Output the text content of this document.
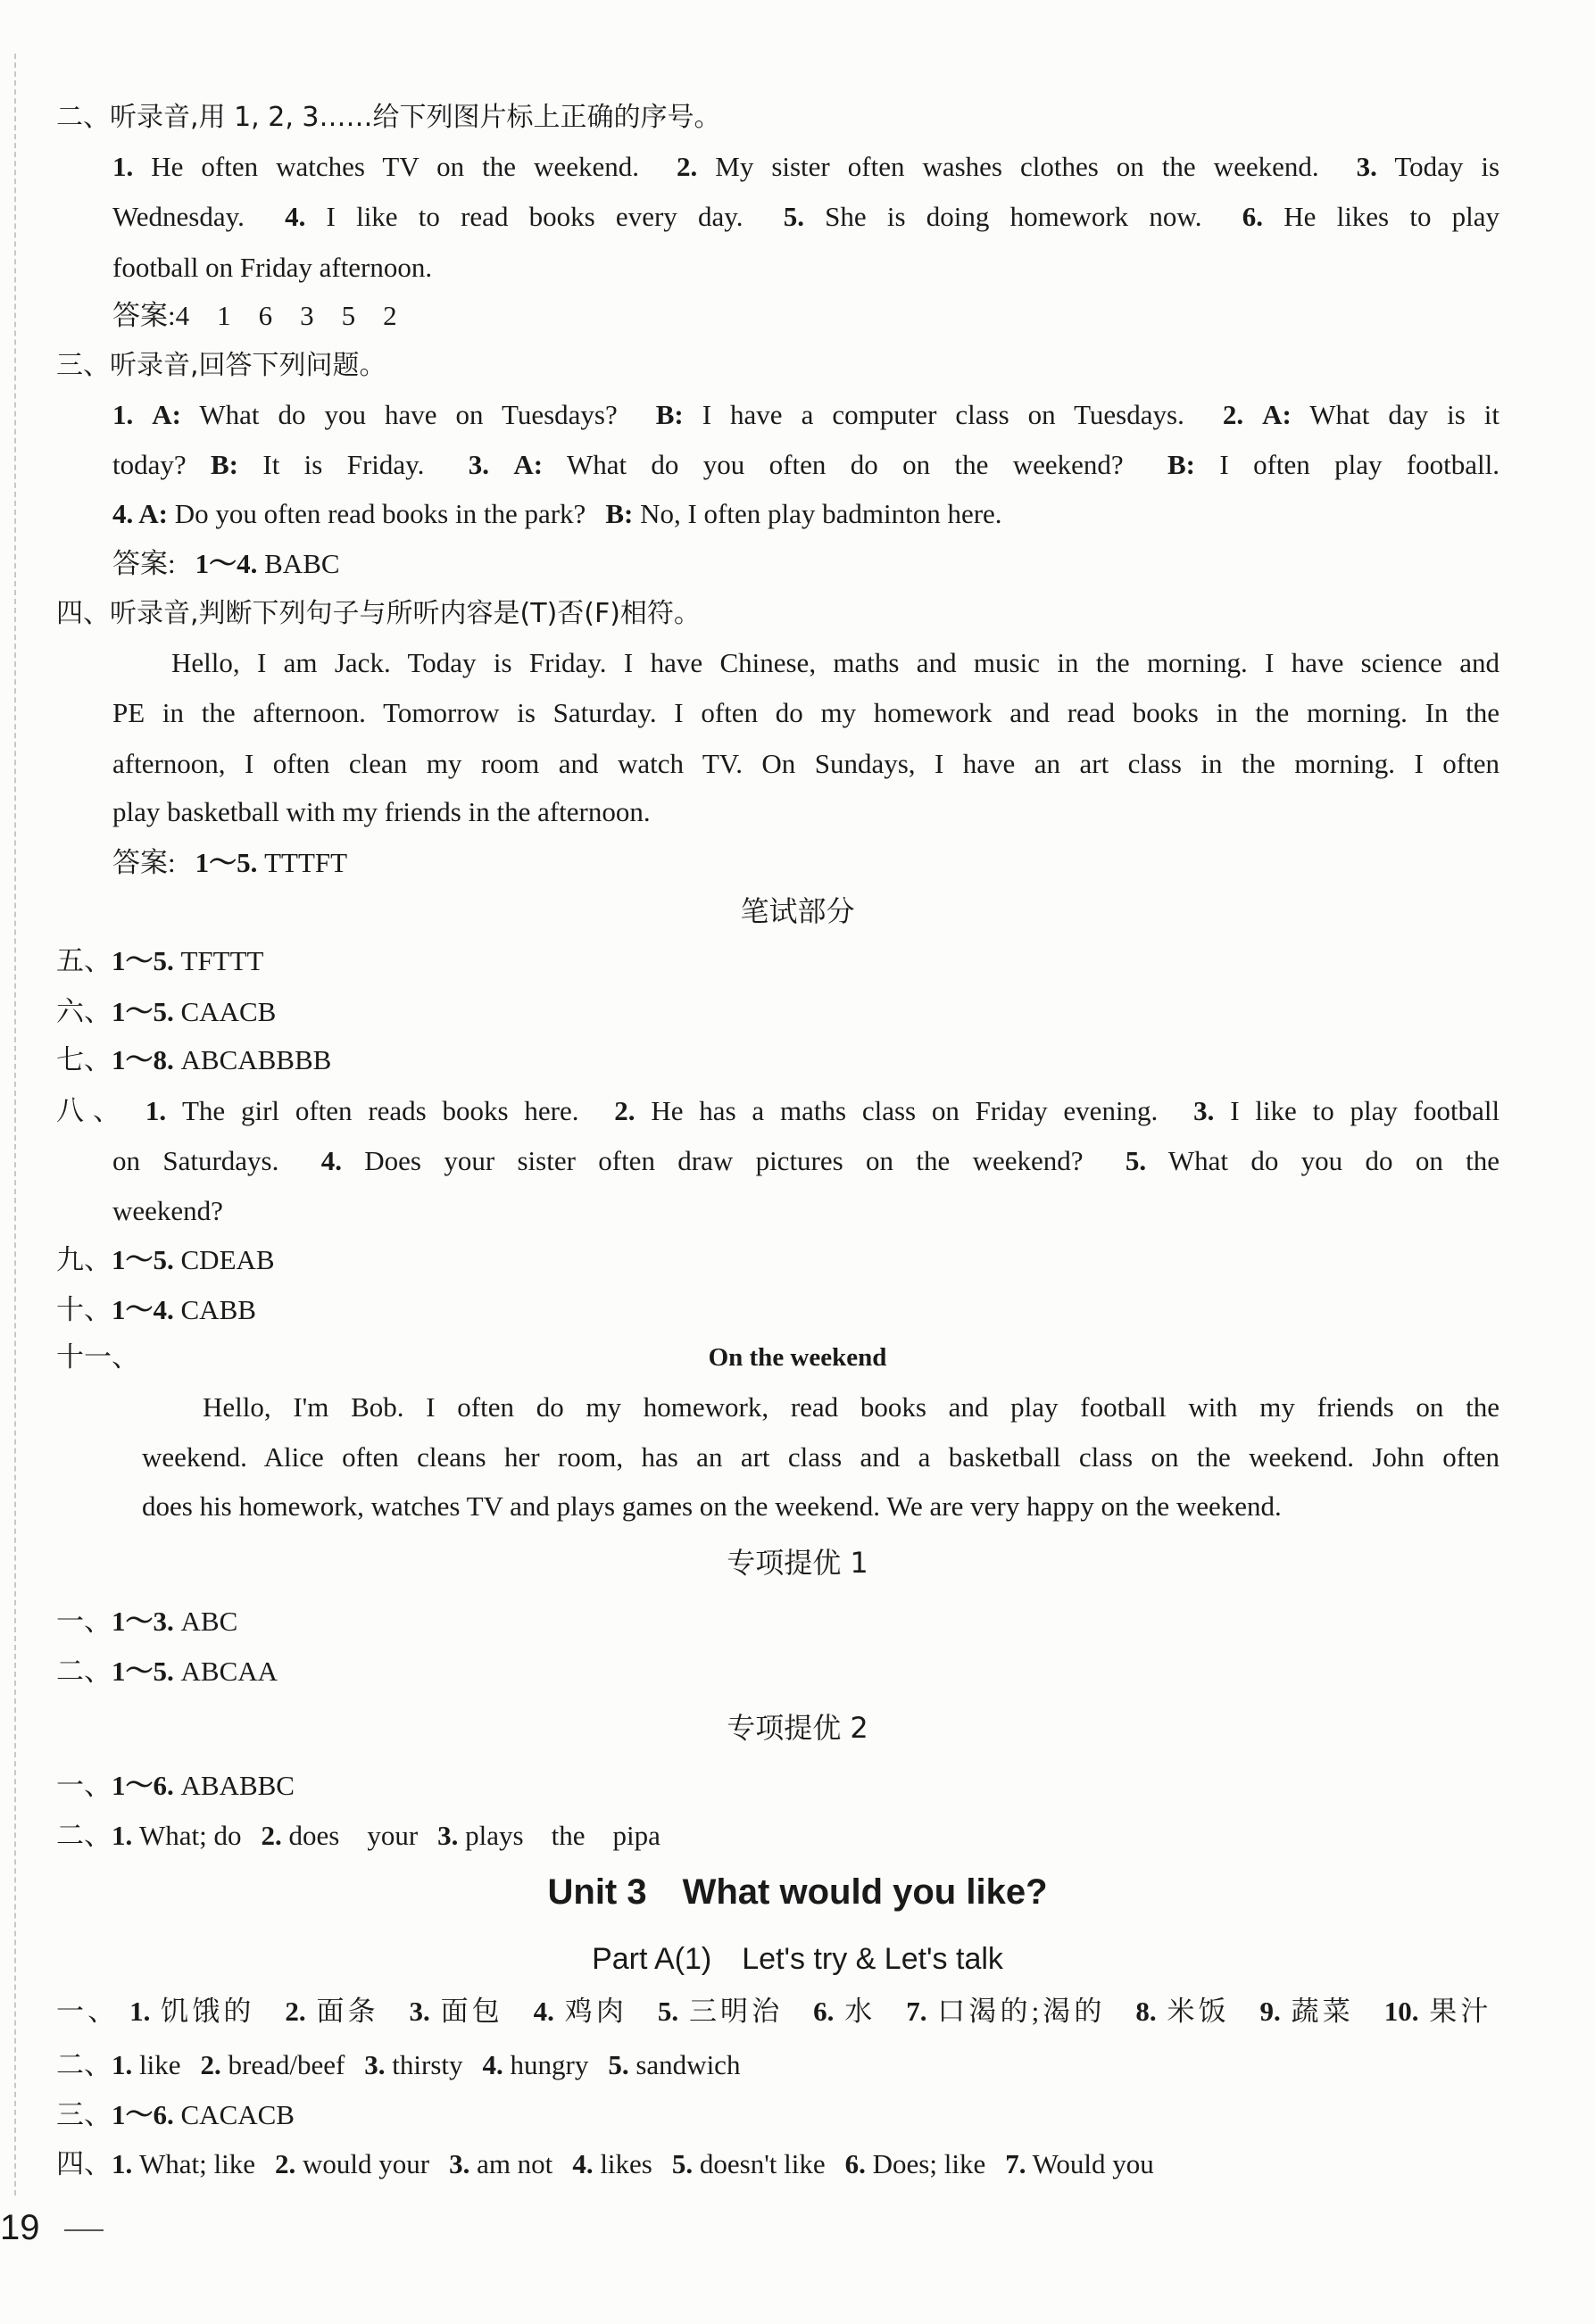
二、听录音,用 1, 2, 3……给下列图片标上正确的序号。
1. He often watches TV on the weekend. 2. My sister often washes clothes on the weekend. 3. Today is
Wednesday. 4. I like to read books every day. 5. She is doing homework now. 6. He likes to play
football on Friday afternoon.
答案:4　1　6　3　5　2
三、听录音,回答下列问题。
1. A: What do you have on Tuesdays? B: I have a computer class on Tuesdays. 2. A: What day is it
today? B: It is Friday. 3. A: What do you often do on the weekend? B: I often play football.
4. A: Do you often read books in the park? B: No, I often play badminton here.
答案: 1～4. BABC
四、听录音,判断下列句子与所听内容是(T)否(F)相符。
Hello, I am Jack. Today is Friday. I have Chinese, maths and music in the morning. I have science and
PE in the afternoon. Tomorrow is Saturday. I often do my homework and read books in the morning. In the
afternoon, I often clean my room and watch TV. On Sundays, I have an art class in the morning. I often
play basketball with my friends in the afternoon.
答案: 1～5. TTTFT
笔试部分
五、1～5. TFTTT
六、1～5. CAACB
七、1～8. ABCABBBB
八、 1. The girl often reads books here. 2. He has a maths class on Friday evening. 3. I like to play football
on Saturdays. 4. Does your sister often draw pictures on the weekend? 5. What do you do on the
weekend?
九、1～5. CDEAB
十、1～4. CABB
十一、	On the weekend
Hello, I'm Bob. I often do my homework, read books and play football with my friends on the
weekend. Alice often cleans her room, has an art class and a basketball class on the weekend. John often
does his homework, watches TV and plays games on the weekend. We are very happy on the weekend.
专项提优 1
一、1～3. ABC
二、1～5. ABCAA
专项提优 2
一、1～6. ABABBC
二、1. What; do 2. does　your 3. plays　the　pipa
Unit 3　What would you like?
Part A(1)　Let's try & Let's talk
一、 1. 饥饿的 2. 面条 3. 面包 4. 鸡肉 5. 三明治 6. 水 7. 口渴的;渴的 8. 米饭 9. 蔬菜 10. 果汁
二、1. like 2. bread/beef 3. thirsty 4. hungry 5. sandwich
三、1～6. CACACB
四、1. What; like 2. would your 3. am not 4. likes 5. doesn't like 6. Does; like 7. Would you
19
